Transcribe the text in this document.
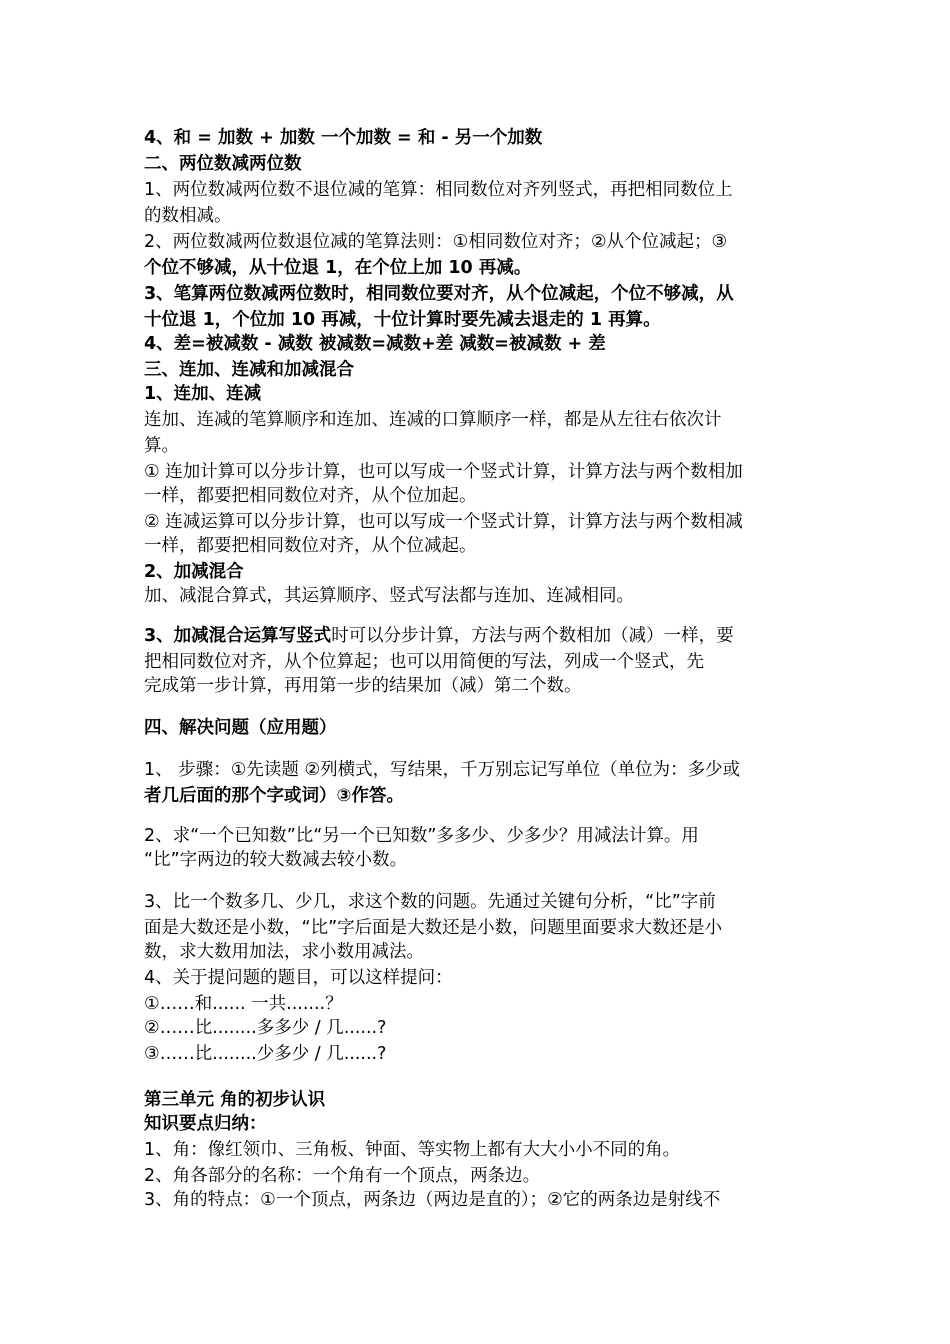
4、和 = 加数 + 加数 一个加数 = 和 - 另一个加数
二、两位数减两位数
1、两位数减两位数不退位减的笔算：相同数位对齐列竖式，再把相同数位上
的数相减。
2、两位数减两位数退位减的笔算法则：①相同数位对齐；②从个位减起；③
个位不够减，从十位退 1，在个位上加 10 再减。
3、笔算两位数减两位数时，相同数位要对齐，从个位减起，个位不够减，从
十位退 1，个位加 10 再减，十位计算时要先减去退走的 1 再算。
4、差=被减数 - 减数 被减数=减数+差 减数=被减数 + 差
三、连加、连减和加减混合
1、连加、连减
连加、连减的笔算顺序和连加、连减的口算顺序一样，都是从左往右依次计
算。
① 连加计算可以分步计算，也可以写成一个竖式计算，计算方法与两个数相加
一样，都要把相同数位对齐，从个位加起。
② 连减运算可以分步计算，也可以写成一个竖式计算，计算方法与两个数相减
一样，都要把相同数位对齐，从个位减起。
2、加减混合
加、减混合算式，其运算顺序、竖式写法都与连加、连减相同。
3、加减混合运算写竖式时可以分步计算，方法与两个数相加（减）一样，要
把相同数位对齐，从个位算起；也可以用简便的写法，列成一个竖式，先
完成第一步计算，再用第一步的结果加（减）第二个数。
四、解决问题（应用题）
1、 步骤：①先读题 ②列横式，写结果，千万别忘记写单位（单位为：多少或
者几后面的那个字或词）③作答。
2、求“一个已知数”比“另一个已知数”多多少、少多少？用减法计算。用
“比”字两边的较大数减去较小数。
3、比一个数多几、少几，求这个数的问题。先通过关键句分析，“比”字前
面是大数还是小数，“比”字后面是大数还是小数，问题里面要求大数还是小
数，求大数用加法，求小数用减法。
4、关于提问题的题目，可以这样提问：
①……和...... 一共.......？
②……比........多多少 / 几......?
③……比........少多少 / 几......?
第三单元 角的初步认识
知识要点归纳：
1、角：像红领巾、三角板、钟面、等实物上都有大大小小不同的角。
2、角各部分的名称：一个角有一个顶点，两条边。
3、角的特点：①一个顶点，两条边（两边是直的）；②它的两条边是射线不
